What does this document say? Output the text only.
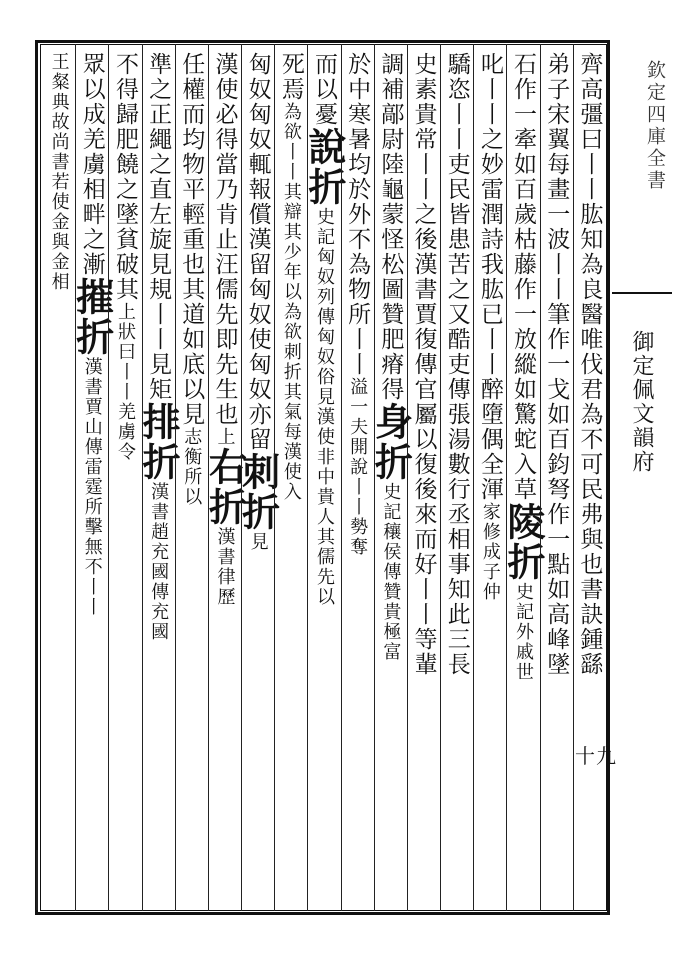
欽定四庫全書
御定佩文韻府
十九
齊高彊曰丨丨肱知為良醫唯伐君為不可民弗與也書訣鍾繇
弟子宋翼每畫一波丨丨筆作一戈如百鈞弩作一點如高峰墜
石作一牽如百歲枯藤作一放縱如驚蛇入草陵折史記外戚世
叱丨丨之妙雷潤詩我肱已丨丨醉墮偶全渾家修成子仲
驕恣丨丨吏民皆患苦之又酷吏傳張湯數行丞相事知此三長
史素貴常丨丨之後漢書賈復傳官屬以復後來而好丨丨等輩
調補鄗尉陸龜蒙怪松圖贊肥瘠得身折史記穰侯傳贊貴極富
於中寒暑均於外不為物所丨丨溢一夫開說丨丨勢奪
而以憂說折史記匈奴列傳匈奴俗見漢使非中貴人其儒先以
死焉為欲丨丨其辯其少年以為欲刺折其氣每漢使入
匈奴匈奴輒報償漢留匈奴使匈奴亦留刺折見
漢使必得當乃肯止汪儒先即先生也上右折漢書律歷
任權而均物平輕重也其道如底以見志衡所以
準之正繩之直左旋見規丨丨見矩排折漢書趙充國傳充國
不得歸肥饒之墜貧破其上狀曰丨丨羌虜令
眾以成羌虜相畔之漸摧折漢書賈山傳雷霆所擊無不丨丨
王粲典故尚書若使金與金相
